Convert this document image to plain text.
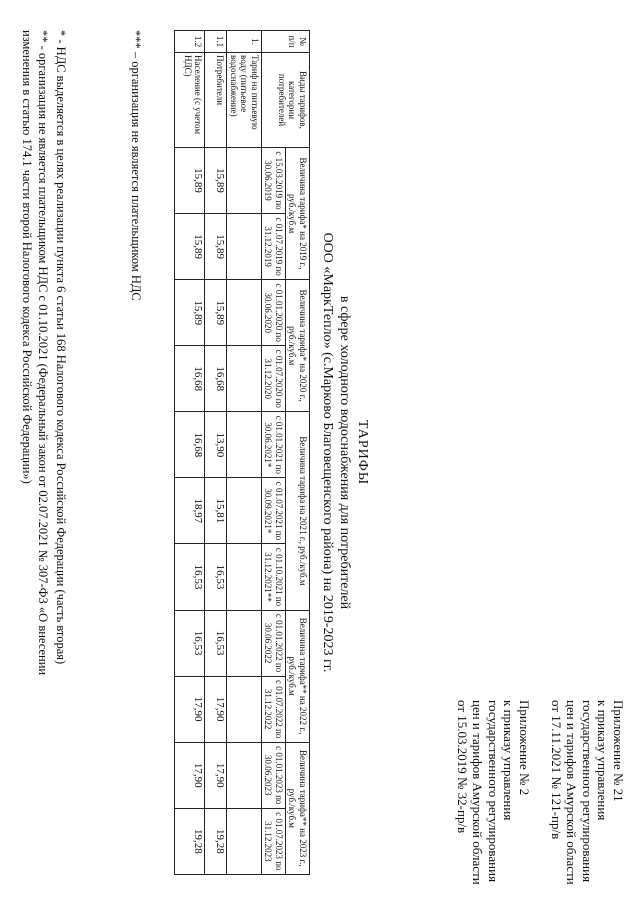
Приложение № 21
к приказу управления
государственного регулирования
цен и тарифов Амурской области
от 17.11.2021 № 121-пр/в
Приложение № 2
к приказу управления
государственного регулирования
цен и тарифов Амурской области
от 15.03.2019 № 32-пр/в
ТАРИФЫ
в сфере холодного водоснабжения для потребителей
ООО «МаркТепло» (с.Марково Благовещенского района) на 2019-2023 гг.
№ п/п	Виды тарифов, категории потребителей	Величина тарифа* на 2019 г., руб./куб.м		Величина тарифа* на 2020 г., руб./куб.м		Величина тарифа на 2021 г., руб./куб.м			Величина тарифа** на 2022 г., руб./куб.м		Величина тарифа** на 2023 г., руб./куб.м	
		с 15.03.2019 по 30.06.2019	с 01.07.2019 по 31.12.2019	с 01.01.2020 по 30.06.2020	с 01.07.2020 по 31.12.2020	с 01.01.2021 по 30.06.2021*	с 01.07.2021 по 30.09.2021*	с 01.10.2021 по 31.12.2021**	с 01.01.2022 по 30.06.2022	с 01.07.2022 по 31.12.2022	с 01.01.2023 по 30.06.2023	с 01.07.2023 по 31.12.2023
1.	Тариф на питьевую воду (питьевое водоснабжение)											
1.1	Потребители	15,89	15,89	15,89	16,68	13,90	15,81	16,53	16,53	17,90	17,90	19,28
1.2	Население (с учетом НДС)	15,89	15,89	15,89	16,68	16,68	18,97	16,53	16,53	17,90	17,90	19,28
*** – организация не является плательщиком НДС
* - НДС выделяется в целях реализации пункта 6 статьи 168 Налогового кодекса Российской Федерации (часть вторая)
** - организация не является плательщиком НДС с 01.10.2021 (Федеральный закон от 02.07.2021 № 307-ФЗ «О внесении
изменения в статью 174.1 части второй Налогового кодекса Российской Федерации»)
